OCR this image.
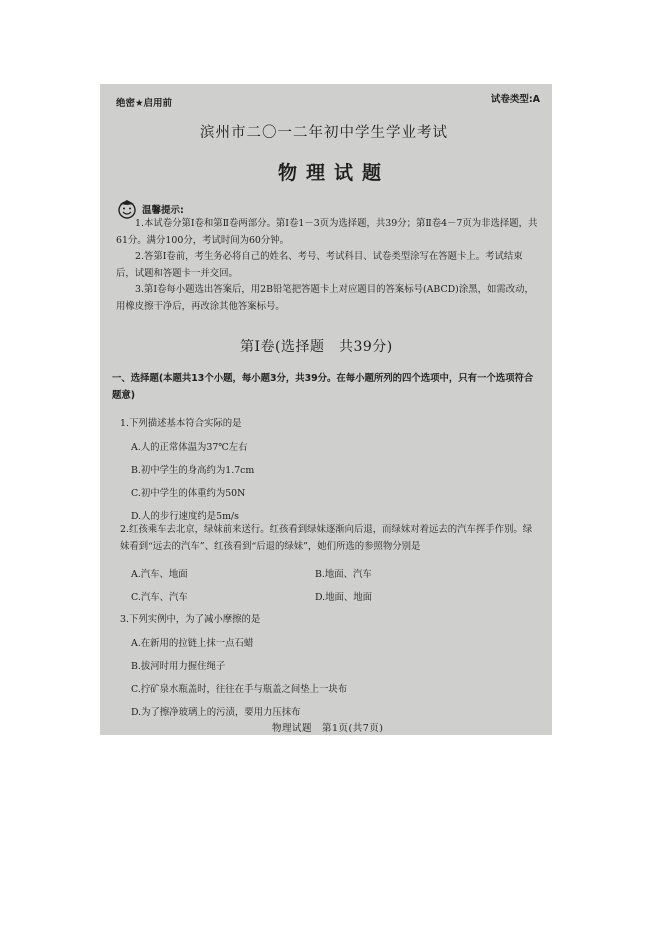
绝密★启用前	试卷类型:A
滨州市二〇一二年初中学生学业考试
物理试题
温馨提示:
1.本试卷分第Ⅰ卷和第Ⅱ卷两部分。第Ⅰ卷1－3页为选择题，共39分；第Ⅱ卷4－7页为非选择题，共61分。满分100分，考试时间为60分钟。
2.答第Ⅰ卷前，考生务必将自己的姓名、考号、考试科目、试卷类型涂写在答题卡上。考试结束后，试题和答题卡一并交回。
3.第Ⅰ卷每小题选出答案后，用2B铅笔把答题卡上对应题目的答案标号(ABCD)涂黑，如需改动，用橡皮擦干净后，再改涂其他答案标号。
第Ⅰ卷(选择题　共39分)
一、选择题(本题共13个小题，每小题3分，共39分。在每小题所列的四个选项中，只有一个选项符合题意)
1.下列描述基本符合实际的是
A.人的正常体温为37℃左右
B.初中学生的身高约为1.7cm
C.初中学生的体重约为50N
D.人的步行速度约是5m/s
2.红孩乘车去北京，绿妹前来送行。红孩看到绿妹逐渐向后退，而绿妹对着远去的汽车挥手作别。绿妹看到“远去的汽车”、红孩看到“后退的绿妹”，她们所选的参照物分别是
A.汽车、地面	B.地面、汽车
C.汽车、汽车	D.地面、地面
3.下列实例中，为了减小摩擦的是
A.在新用的拉链上抹一点石蜡
B.拔河时用力握住绳子
C.拧矿泉水瓶盖时，往往在手与瓶盖之间垫上一块布
D.为了擦净玻璃上的污渍，要用力压抹布
物理试题　第1页(共7页)
